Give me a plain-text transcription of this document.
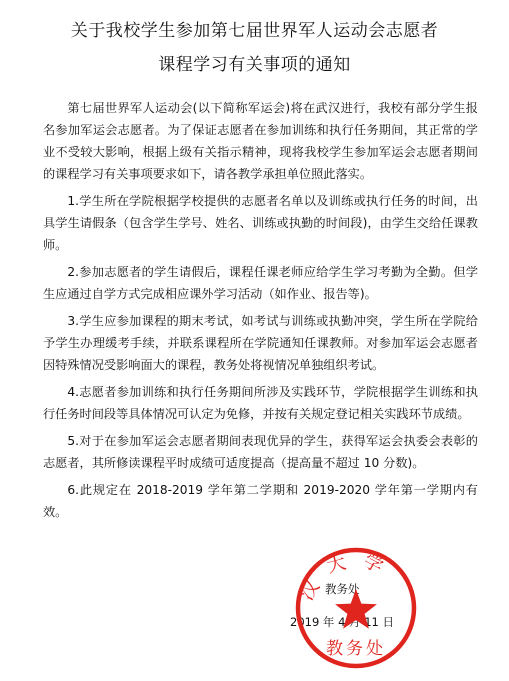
关于我校学生参加第七届世界军人运动会志愿者
课程学习有关事项的通知

第七届世界军人运动会(以下简称军运会)将在武汉进行，我校有部分学生报名参加军运会志愿者。为了保证志愿者在参加训练和执行任务期间，其正常的学业不受较大影响，根据上级有关指示精神，现将我校学生参加军运会志愿者期间的课程学习有关事项要求如下，请各教学承担单位照此落实。

1.学生所在学院根据学校提供的志愿者名单以及训练或执行任务的时间，出具学生请假条（包含学生学号、姓名、训练或执勤的时间段)，由学生交给任课教师。

2.参加志愿者的学生请假后，课程任课老师应给学生学习考勤为全勤。但学生应通过自学方式完成相应课外学习活动（如作业、报告等)。

3.学生应参加课程的期末考试，如考试与训练或执勤冲突，学生所在学院给予学生办理缓考手续，并联系课程所在学院通知任课教师。对参加军运会志愿者因特殊情况受影响面大的课程，教务处将视情况单独组织考试。

4.志愿者参加训练和执行任务期间所涉及实践环节，学院根据学生训练和执行任务时间段等具体情况可认定为免修，并按有关规定登记相关实践环节成绩。

5.对于在参加军运会志愿者期间表现优异的学生，获得军运会执委会表彰的志愿者，其所修读课程平时成绩可适度提高（提高量不超过 10 分数)。

6.此规定在 2018-2019 学年第二学期和 2019-2020 学年第一学期内有效。

教务处
2019 年 4 月 11 日
汉大学
教务处
